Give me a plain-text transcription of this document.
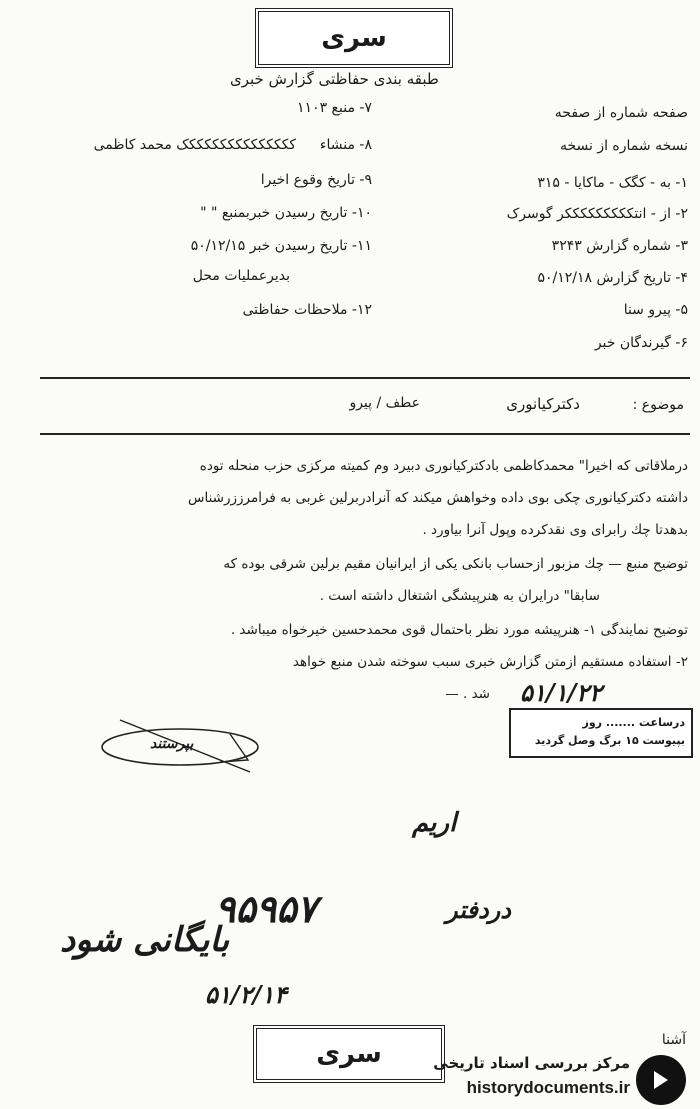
سری
طبقه بندی حفاظتی گزارش خبری
صفحه شماره از صفحه
نسخه شماره از نسخه
۱- به - کگک - ماکایا - ۳۱۵
۲- از - انتکککککککککر گوسرک
۳- شماره گزارش ۳۲۴۳
۴- تاریخ گزارش ۵۰/۱۲/۱۸
۵- پیرو سنا
۶- گیرندگان خبر
۷- منبع ۱۱۰۳
۸- منشاء
ککککککککککککککک محمد کاظمی
۹- تاریخ وقوع اخیرا
۱۰- تاریخ رسیدن خبربمنبع " "
۱۱- تاریخ رسیدن خبر ۵۰/۱۲/۱۵
بدیرعملیات محل
۱۲- ملاحظات حفاظتی
موضوع :
دکترکیانوری
عطف / پیرو
درملاقاتی که اخیرا" محمدکاظمی بادکترکیانوری دبیرد وم کمیته مرکزی حزب منحله توده
داشته دکترکیانوری چکی بوی داده وخواهش میکند که آنرادربرلین غربی به فرامرززرشناس
بدهدتا چك رابرای وی نقدکرده وپول آنرا بیاورد .
توضیح منبع — چك مزبور ازحساب بانکی یکی از ایرانیان مقیم برلین شرقی بوده که
سابقا" درایران به هنرپیشگی اشتغال داشته است .
توضیح نمایندگی ۱- هنرپیشه مورد نظر باحتمال قوی محمدحسین خیرخواه میباشد .
۲- استفاده مستقیم ازمتن گزارش خبری سبب سوخته شدن منبع خواهد
شد . — ۵۱/۱/۲۲
درساعت ....... روز
بپیوست ۱۵ برگ وصل گردید
بپرستند
اریم
دردفتر
۹۵۹۵۷
بایگانی شود
۵۱/۲/۱۴
سری	آشنا
مرکز بررسی اسناد تاریخی
historydocuments.ir
